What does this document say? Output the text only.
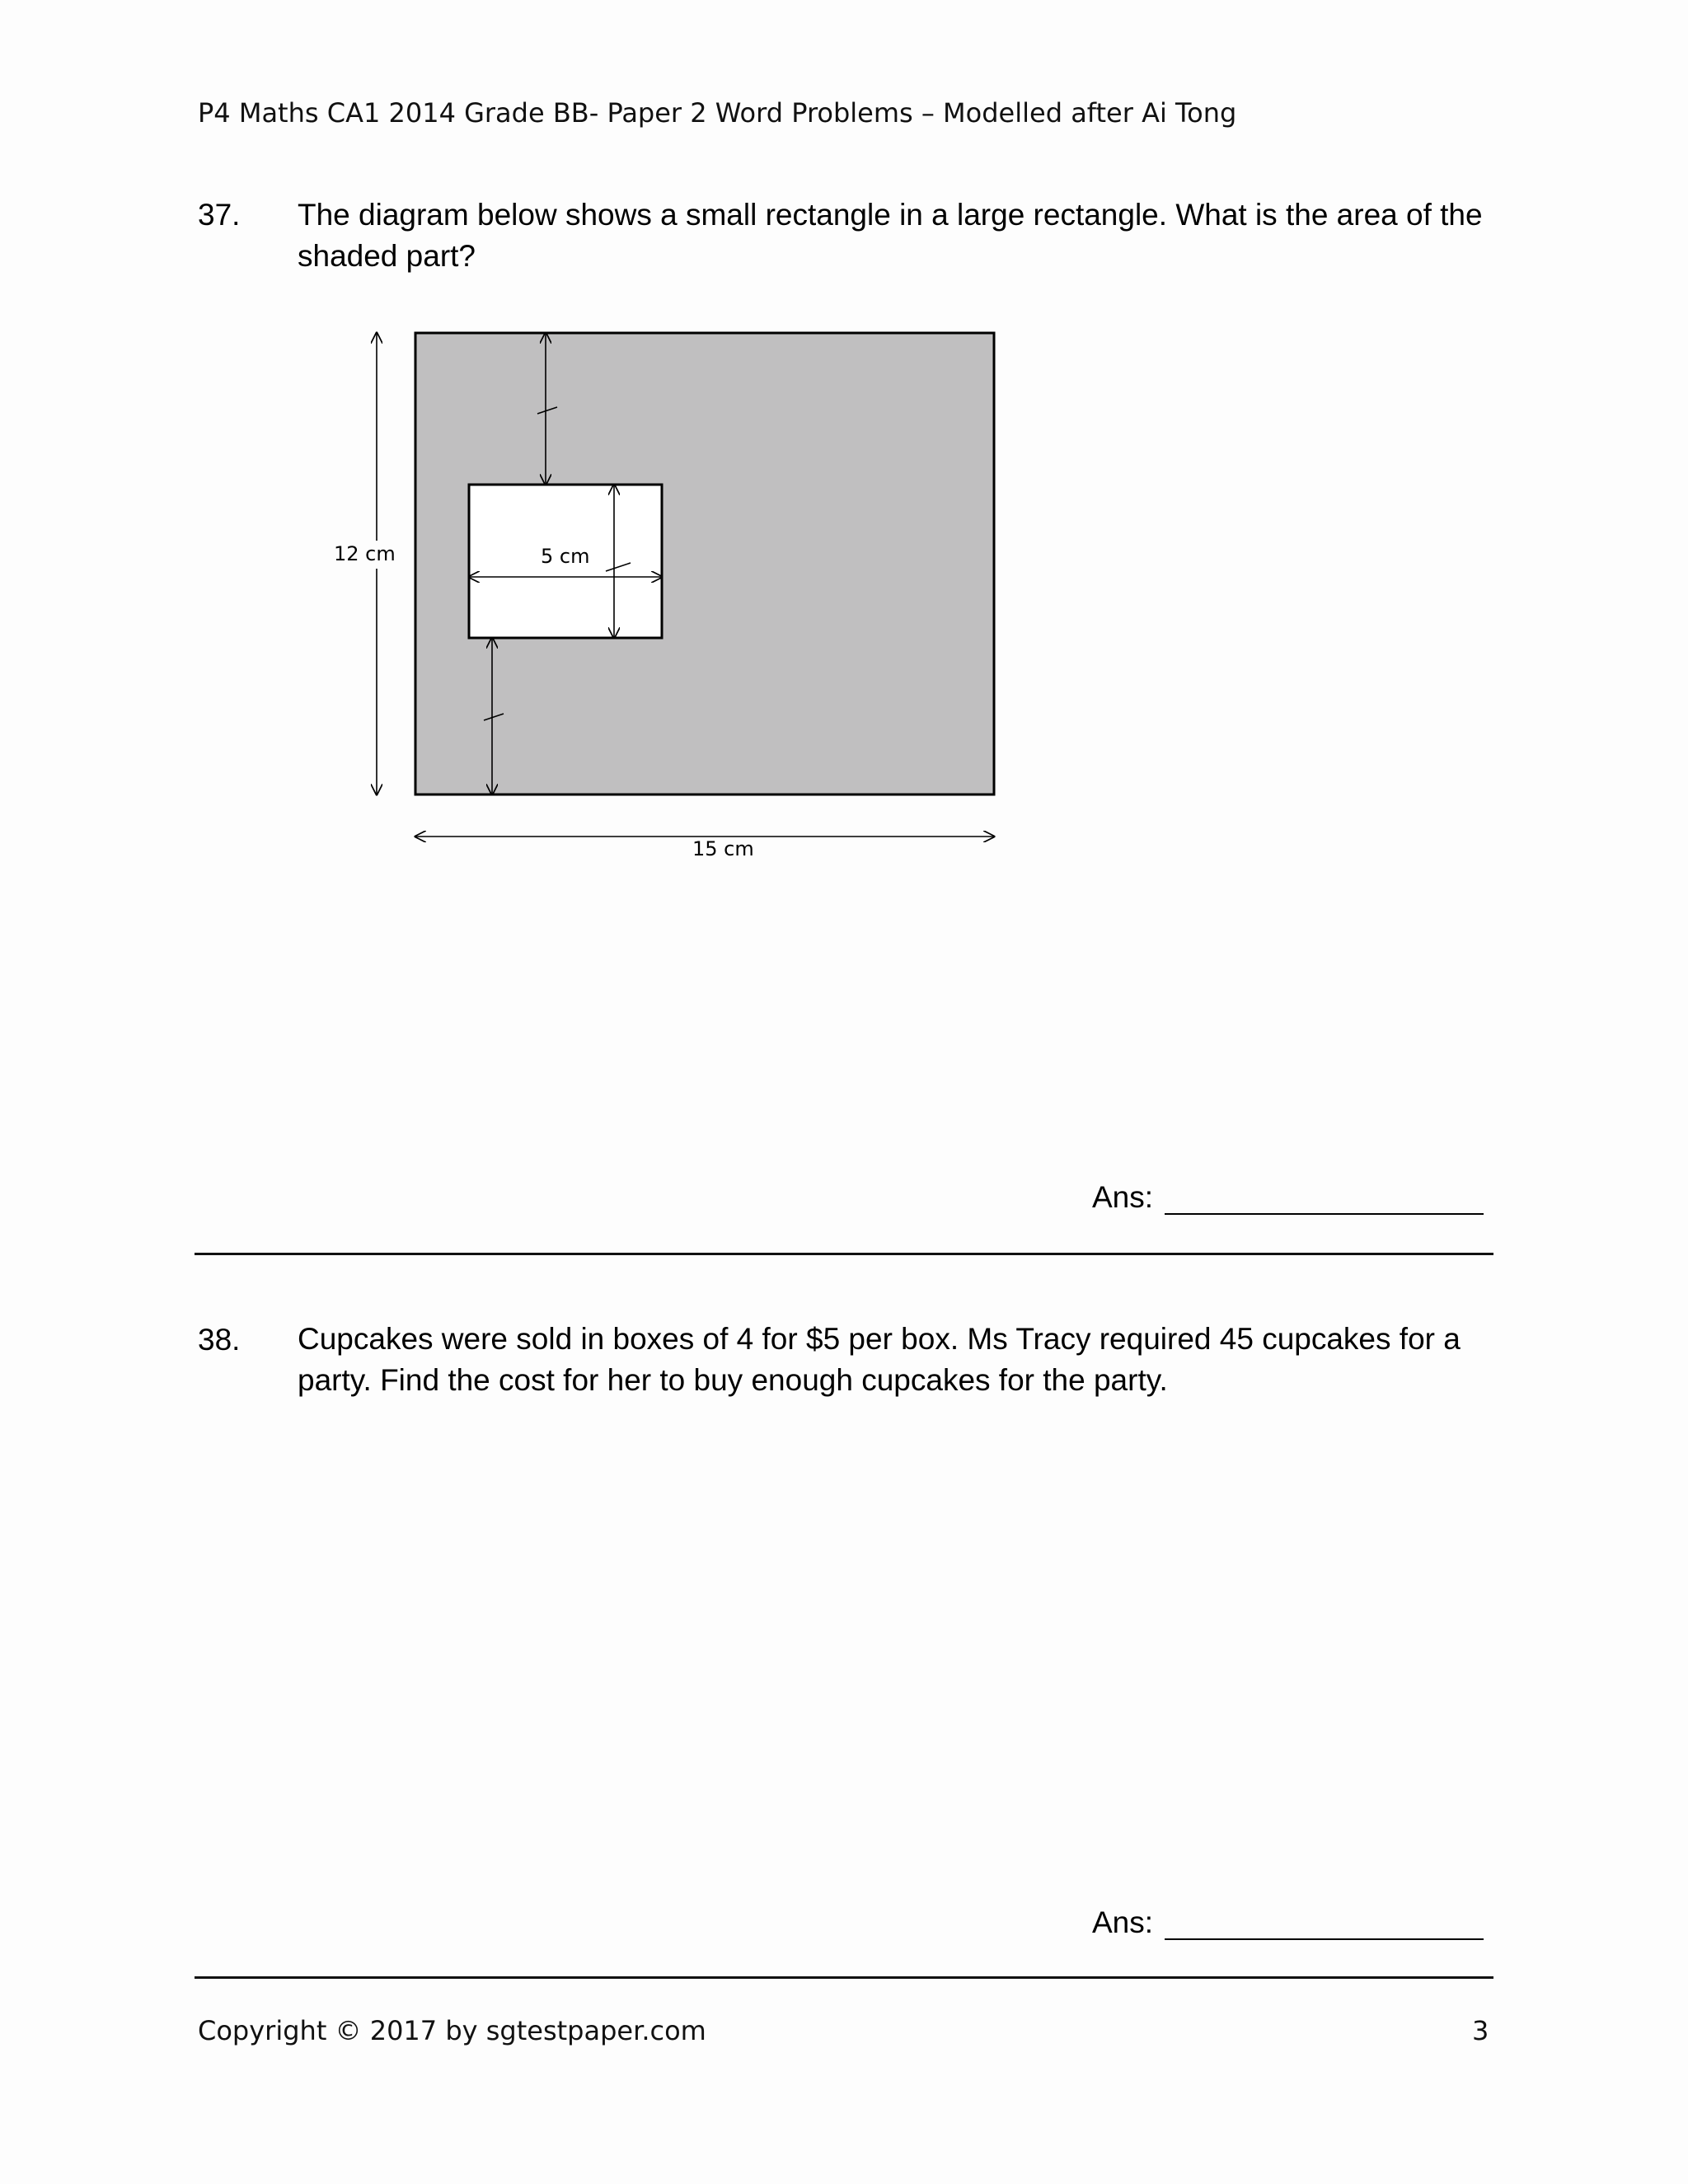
P4 Maths CA1 2014 Grade BB- Paper 2 Word Problems – Modelled after Ai Tong
37. The diagram below shows a small rectangle in a large rectangle. What is the area of the shaded part?
12 cm	5 cm
15 cm
Ans:
38. Cupcakes were sold in boxes of 4 for $5 per box. Ms Tracy required 45 cupcakes for a party. Find the cost for her to buy enough cupcakes for the party.
Ans:
Copyright © 2017 by sgtestpaper.com	3
